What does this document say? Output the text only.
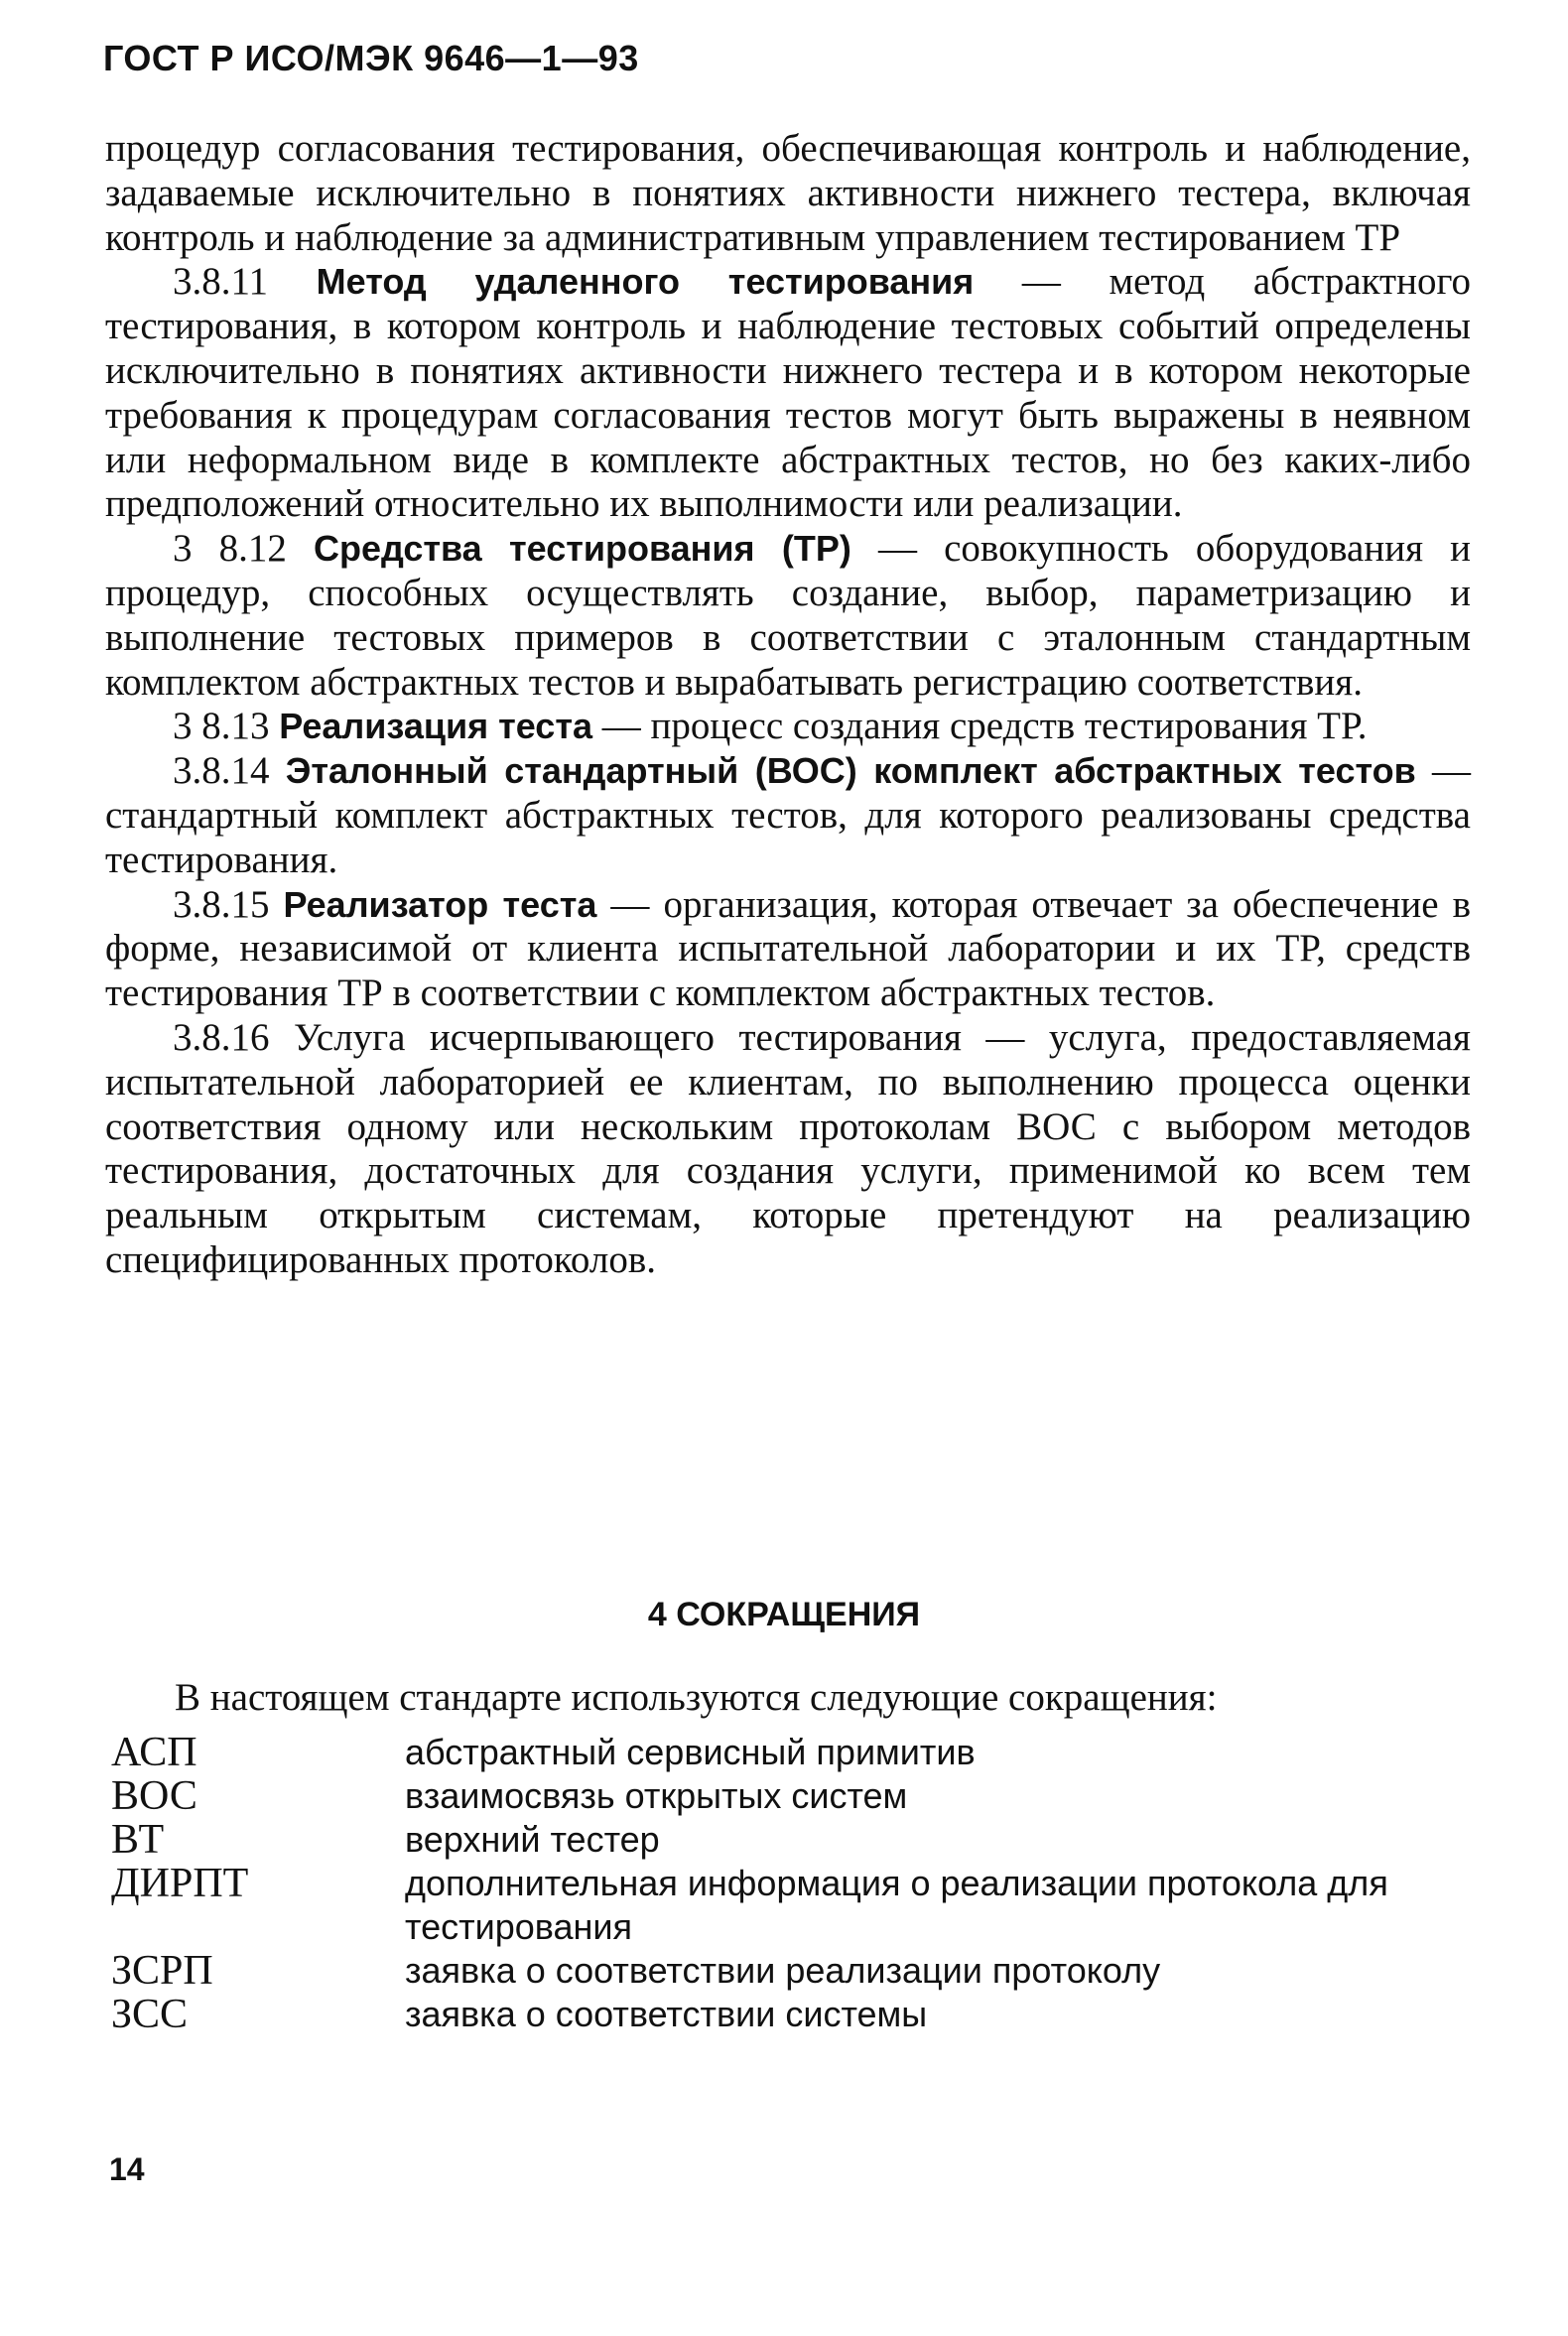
ГОСТ Р ИСО/МЭК 9646—1—93

процедур согласования тестирования, обеспечивающая контроль и наблюдение, задаваемые исключительно в понятиях активности нижнего тестера, включая контроль и наблюдение за административным управлением тестированием ТР

3.8.11 Метод удаленного тестирования — метод абстрактного тестирования, в котором контроль и наблюдение тестовых событий определены исключительно в понятиях активности нижнего тестера и в котором некоторые требования к процедурам согласования тестов могут быть выражены в неявном или неформальном виде в комплекте абстрактных тестов, но без каких-либо предположений относительно их выполнимости или реализации.

3 8.12 Средства тестирования (ТР) — совокупность оборудования и процедур, способных осуществлять создание, выбор, параметризацию и выполнение тестовых примеров в соответствии с эталонным стандартным комплектом абстрактных тестов и вырабатывать регистрацию соответствия.

3 8.13 Реализация теста — процесс создания средств тестирования ТР.

3.8.14 Эталонный стандартный (ВОС) комплект абстрактных тестов — стандартный комплект абстрактных тестов, для которого реализованы средства тестирования.

3.8.15 Реализатор теста — организация, которая отвечает за обеспечение в форме, независимой от клиента испытательной лаборатории и их ТР, средств тестирования ТР в соответствии с комплектом абстрактных тестов.

3.8.16 Услуга исчерпывающего тестирования — услуга, предоставляемая испытательной лабораторией ее клиентам, по выполнению процесса оценки соответствия одному или нескольким протоколам ВОС с выбором методов тестирования, достаточных для создания услуги, применимой ко всем тем реальным открытым системам, которые претендуют на реализацию специфицированных протоколов.

4 СОКРАЩЕНИЯ
В настоящем стандарте используются следующие сокращения:
АСП	абстрактный сервисный примитив
ВОС	взаимосвязь открытых систем
ВТ	верхний тестер
ДИРПТ	дополнительная информация о реализации протокола для тестирования
ЗСРП	заявка о соответствии реализации протоколу
ЗСС	заявка о соответствии системы
14
